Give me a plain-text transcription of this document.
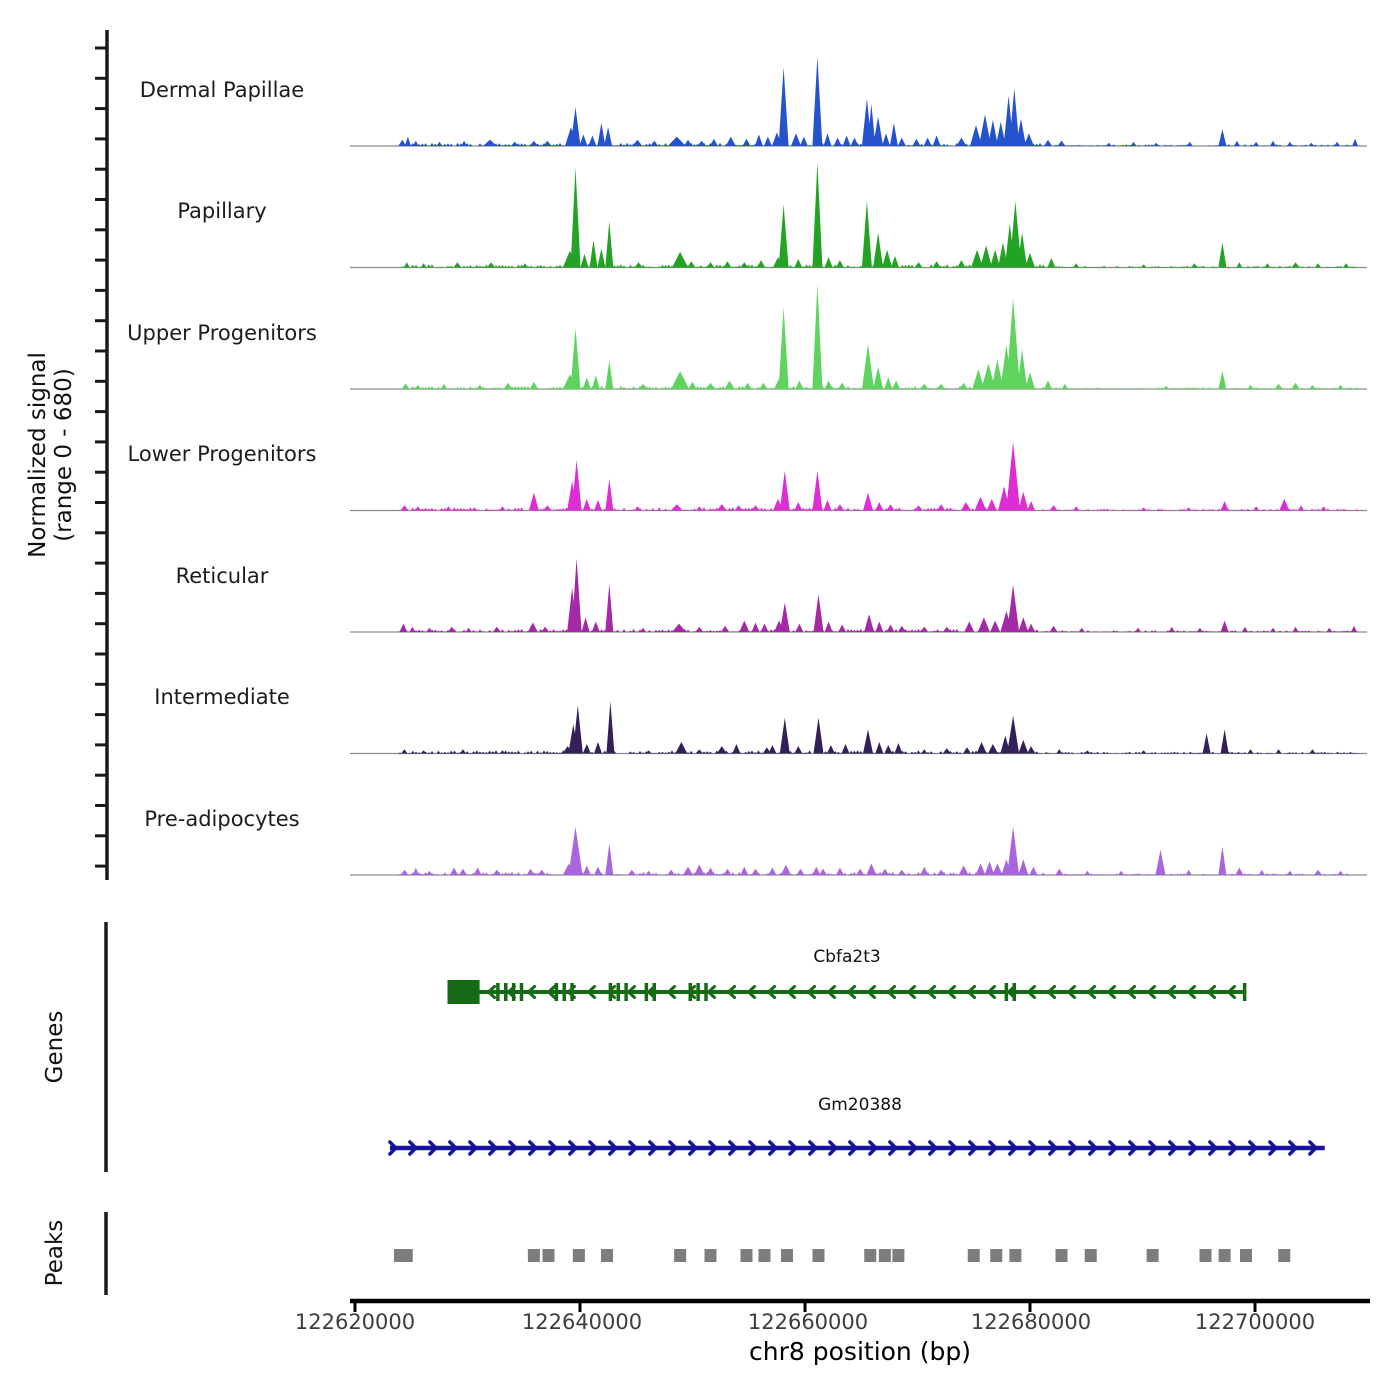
Dermal Papillae
Papillary
Upper Progenitors
Lower Progenitors
Reticular
Intermediate
Pre-adipocytes
Normalized signal (range 0 - 680)
Genes
Peaks
Cbfa2t3
Gm20388
122620000	122640000	122660000	122680000	122700000
chr8 position (bp)
